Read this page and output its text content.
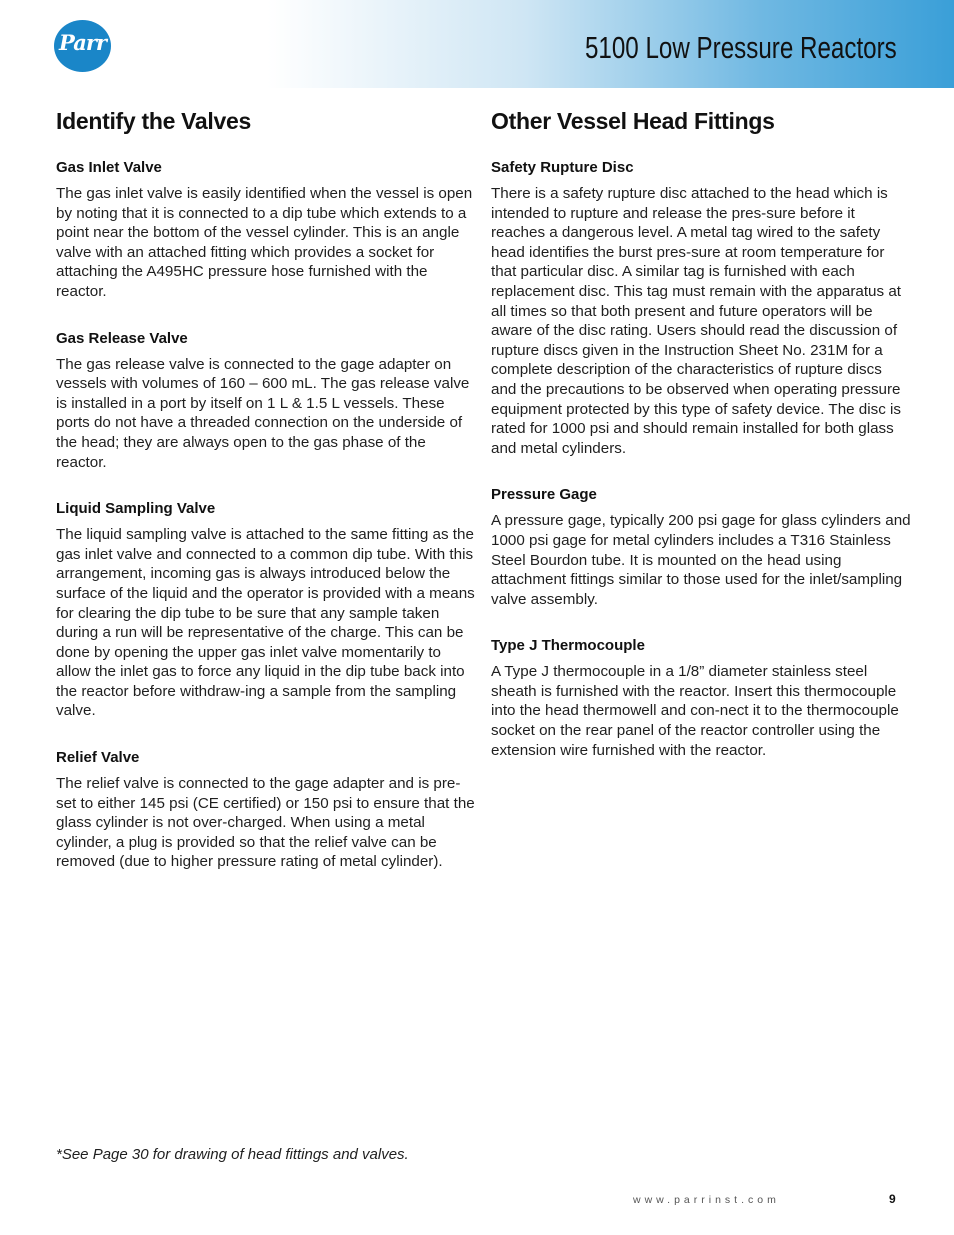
Parr	5100 Low Pressure Reactors
Identify the Valves
Gas Inlet Valve

The gas inlet valve is easily identified when the vessel is open by noting that it is connected to a dip tube which extends to a point near the bottom of the vessel cylinder. This is an angle valve with an attached fitting which provides a socket for attaching the A495HC pressure hose furnished with the reactor.

Gas Release Valve

The gas release valve is connected to the gage adapter on vessels with volumes of 160 – 600 mL. The gas release valve is installed in a port by itself on 1 L & 1.5 L vessels. These ports do not have a threaded connection on the underside of the head; they are always open to the gas phase of the reactor.

Liquid Sampling Valve

The liquid sampling valve is attached to the same fitting as the gas inlet valve and connected to a common dip tube. With this arrangement, incoming gas is always introduced below the surface of the liquid and the operator is provided with a means for clearing the dip tube to be sure that any sample taken during a run will be representative of the charge. This can be done by opening the upper gas inlet valve momentarily to allow the inlet gas to force any liquid in the dip tube back into the reactor before withdraw-ing a sample from the sampling valve.

Relief Valve

The relief valve is connected to the gage adapter and is pre-set to either 145 psi (CE certified) or 150 psi to ensure that the glass cylinder is not over-charged. When using a metal cylinder, a plug is provided so that the relief valve can be removed (due to higher pressure rating of metal cylinder).

Other Vessel Head Fittings
Safety Rupture Disc

There is a safety rupture disc attached to the head which is intended to rupture and release the pres-sure before it reaches a dangerous level. A metal tag wired to the safety head identifies the burst pres-sure at room temperature for that particular disc. A similar tag is furnished with each replacement disc. This tag must remain with the apparatus at all times so that both present and future operators will be aware of the disc rating. Users should read the discussion of rupture discs given in the Instruction Sheet No. 231M for a complete description of the characteristics of rupture discs and the precautions to be observed when operating pressure equipment protected by this type of safety device. The disc is rated for 1000 psi and should remain installed for both glass and metal cylinders.

Pressure Gage

A pressure gage, typically 200 psi gage for glass cylinders and 1000 psi gage for metal cylinders includes a T316 Stainless Steel Bourdon tube. It is mounted on the head using attachment fittings similar to those used for the inlet/sampling valve assembly.

Type J Thermocouple

A Type J thermocouple in a 1/8” diameter stainless steel sheath is furnished with the reactor. Insert this thermocouple into the head thermowell and con-nect it to the thermocouple socket on the rear panel of the reactor controller using the extension wire furnished with the reactor.

*See Page 30 for drawing of head fittings and valves.
www.parrinst.com	9
